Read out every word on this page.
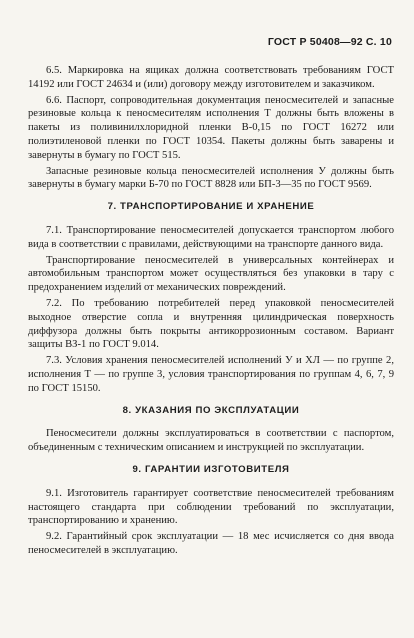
ГОСТ Р 50408—92 С. 10

6.5. Маркировка на ящиках должна соответствовать требованиям ГОСТ 14192 или ГОСТ 24634 и (или) договору между изготовителем и заказчиком.

6.6. Паспорт, сопроводительная документация пеносмесителей и запасные резиновые кольца к пеносмесителям исполнения Т должны быть вложены в пакеты из поливинилхлоридной пленки В-0,15 по ГОСТ 16272 или полиэтиленовой пленки по ГОСТ 10354. Пакеты должны быть заварены и завернуты в бумагу по ГОСТ 515.

Запасные резиновые кольца пеносмесителей исполнения У должны быть завернуты в бумагу марки Б-70 по ГОСТ 8828 или БП-3—35 по ГОСТ 9569.

7. ТРАНСПОРТИРОВАНИЕ И ХРАНЕНИЕ

7.1. Транспортирование пеносмесителей допускается транспортом любого вида в соответствии с правилами, действующими на транспорте данного вида.

Транспортирование пеносмесителей в универсальных контейнерах и автомобильным транспортом может осуществляться без упаковки в тару с предохранением изделий от механических повреждений.

7.2. По требованию потребителей перед упаковкой пеносмесителей выходное отверстие сопла и внутренняя цилиндрическая поверхность диффузора должны быть покрыты антикоррозионным составом. Вариант защиты ВЗ-1 по ГОСТ 9.014.

7.3. Условия хранения пеносмесителей исполнений У и ХЛ — по группе 2, исполнения Т — по группе 3, условия транспортирования по группам 4, 6, 7, 9 по ГОСТ 15150.

8. УКАЗАНИЯ ПО ЭКСПЛУАТАЦИИ

Пеносмесители должны эксплуатироваться в соответствии с паспортом, объединенным с техническим описанием и инструкцией по эксплуатации.

9. ГАРАНТИИ ИЗГОТОВИТЕЛЯ

9.1. Изготовитель гарантирует соответствие пеносмесителей требованиям настоящего стандарта при соблюдении требований по эксплуатации, транспортированию и хранению.

9.2. Гарантийный срок эксплуатации — 18 мес исчисляется со дня ввода пеносмесителей в эксплуатацию.
